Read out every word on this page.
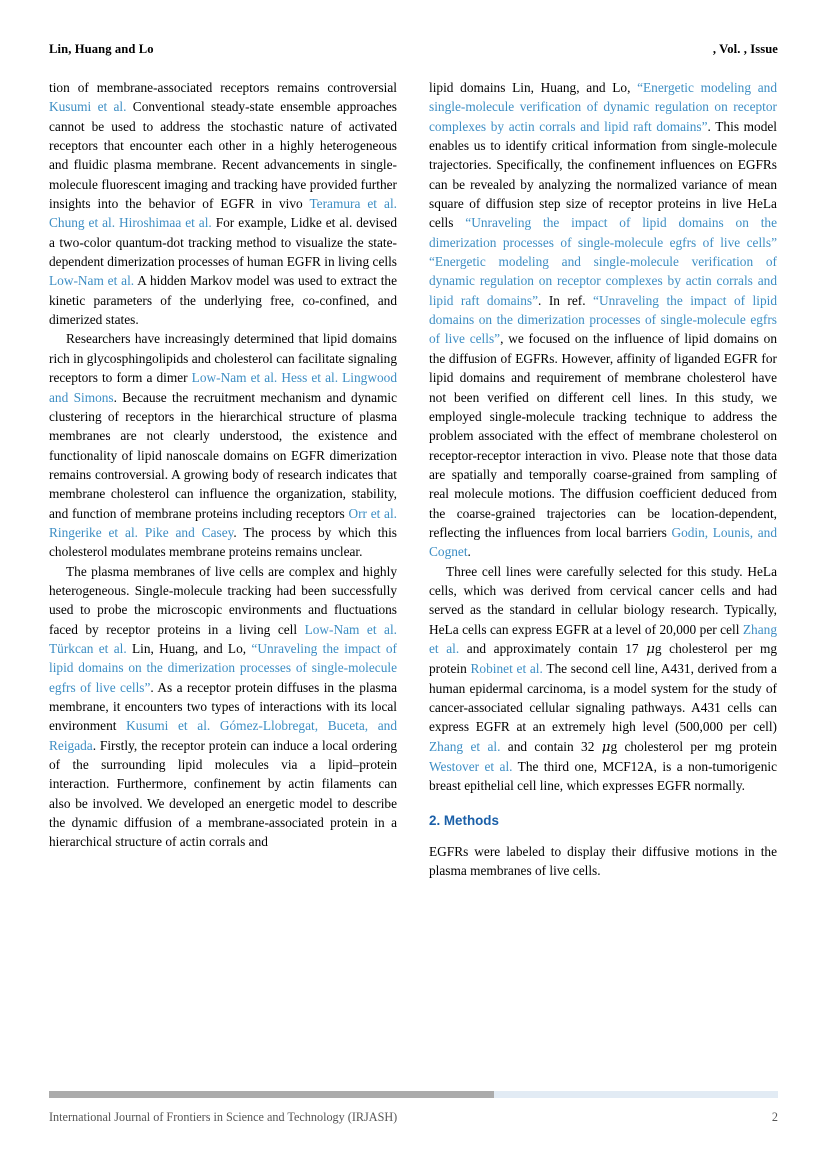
Lin, Huang and Lo	, Vol. , Issue

tion of membrane-associated receptors remains controversial Kusumi et al. Conventional steady-state ensemble approaches cannot be used to address the stochastic nature of activated receptors that encounter each other in a highly heterogeneous and fluidic plasma membrane. Recent advancements in single-molecule fluorescent imaging and tracking have provided further insights into the behavior of EGFR in vivo Teramura et al. Chung et al. Hiroshimaa et al. For example, Lidke et al. devised a two-color quantum-dot tracking method to visualize the state-dependent dimerization processes of human EGFR in living cells Low-Nam et al. A hidden Markov model was used to extract the kinetic parameters of the underlying free, co-confined, and dimerized states.

Researchers have increasingly determined that lipid domains rich in glycosphingolipids and cholesterol can facilitate signaling receptors to form a dimer Low-Nam et al. Hess et al. Lingwood and Simons. Because the recruitment mechanism and dynamic clustering of receptors in the hierarchical structure of plasma membranes are not clearly understood, the existence and functionality of lipid nanoscale domains on EGFR dimerization remains controversial. A growing body of research indicates that membrane cholesterol can influence the organization, stability, and function of membrane proteins including receptors Orr et al. Ringerike et al. Pike and Casey. The process by which this cholesterol modulates membrane proteins remains unclear.

The plasma membranes of live cells are complex and highly heterogeneous. Single-molecule tracking had been successfully used to probe the microscopic environments and fluctuations faced by receptor proteins in a living cell Low-Nam et al. Türkcan et al. Lin, Huang, and Lo, “Unraveling the impact of lipid domains on the dimerization processes of single-molecule egfrs of live cells”. As a receptor protein diffuses in the plasma membrane, it encounters two types of interactions with its local environment Kusumi et al. Gómez-Llobregat, Buceta, and Reigada. Firstly, the receptor protein can induce a local ordering of the surrounding lipid molecules via a lipid–protein interaction. Furthermore, confinement by actin filaments can also be involved. We developed an energetic model to describe the dynamic diffusion of a membrane-associated protein in a hierarchical structure of actin corrals and

lipid domains Lin, Huang, and Lo, “Energetic modeling and single-molecule verification of dynamic regulation on receptor complexes by actin corrals and lipid raft domains”. This model enables us to identify critical information from single-molecule trajectories. Specifically, the confinement influences on EGFRs can be revealed by analyzing the normalized variance of mean square of diffusion step size of receptor proteins in live HeLa cells “Unraveling the impact of lipid domains on the dimerization processes of single-molecule egfrs of live cells” “Energetic modeling and single-molecule verification of dynamic regulation on receptor complexes by actin corrals and lipid raft domains”. In ref. “Unraveling the impact of lipid domains on the dimerization processes of single-molecule egfrs of live cells”, we focused on the influence of lipid domains on the diffusion of EGFRs. However, affinity of liganded EGFR for lipid domains and requirement of membrane cholesterol have not been verified on different cell lines. In this study, we employed single-molecule tracking technique to address the problem associated with the effect of membrane cholesterol on receptor-receptor interaction in vivo. Please note that those data are spatially and temporally coarse-grained from sampling of real molecule motions. The diffusion coefficient deduced from the coarse-grained trajectories can be location-dependent, reflecting the influences from local barriers Godin, Lounis, and Cognet.

Three cell lines were carefully selected for this study. HeLa cells, which was derived from cervical cancer cells and had served as the standard in cellular biology research. Typically, HeLa cells can express EGFR at a level of 20,000 per cell Zhang et al. and approximately contain 17 μg cholesterol per mg protein Robinet et al. The second cell line, A431, derived from a human epidermal carcinoma, is a model system for the study of cancer-associated cellular signaling pathways. A431 cells can express EGFR at an extremely high level (500,000 per cell) Zhang et al. and contain 32 μg cholesterol per mg protein Westover et al. The third one, MCF12A, is a non-tumorigenic breast epithelial cell line, which expresses EGFR normally.

2. Methods

EGFRs were labeled to display their diffusive motions in the plasma membranes of live cells.

International Journal of Frontiers in Science and Technology (IRJASH)	2
